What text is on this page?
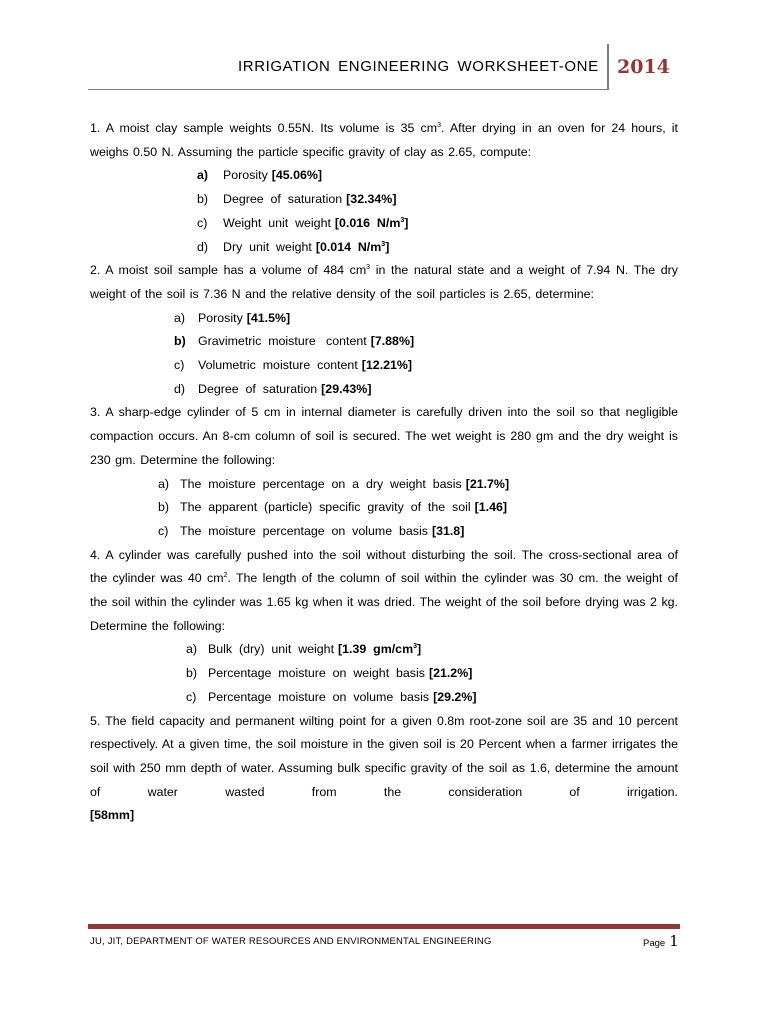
IRRIGATION ENGINEERING WORKSHEET-ONE 2014

1. A moist clay sample weights 0.55N. Its volume is 35 $cm^3$. After drying in an oven for 24 hours, it weighs 0.50 N. Assuming the particle specific gravity of clay as 2.65, compute:

a)	Porosity [45.06%]
b)	Degree  of  saturation [32.34%]
c)	Weight  unit  weight [0.016  $N/m^3$]
d)	Dry  unit  weight [0.014  $N/m^3$]

2. A moist soil sample has a volume of 484 $cm^3$ in the natural state and a weight of 7.94 N. The dry weight of the soil is 7.36 N and the relative density of the soil particles is 2.65, determine:

a)	Porosity [41.5%]
b) Gravimetric  moisture   content [7.88%]
c)	Volumetric  moisture  content [12.21%]
d)	Degree  of  saturation [29.43%]

3. A sharp-edge cylinder of 5 cm in internal diameter is carefully driven into the soil so that negligible compaction occurs. An 8-cm column of soil is secured. The wet weight is 280 gm and the dry weight is 230 gm. Determine the following:

a) The  moisture  percentage  on  a  dry  weight  basis [21.7%]
b) The  apparent  (particle)  specific  gravity  of  the  soil [1.46]
c) The  moisture  percentage  on  volume  basis [31.8]

4. A cylinder was carefully pushed into the soil without disturbing the soil. The cross-sectional area of the cylinder was 40 $cm^2$. The length of the column of soil within the cylinder was 30 cm. the weight of the soil within the cylinder was 1.65 kg when it was dried. The weight of the soil before drying was 2 kg. Determine the following:

a) Bulk  (dry)  unit  weight [1.39  $gm/cm^3$]
b) Percentage  moisture  on  weight  basis [21.2%]
c) Percentage  moisture  on  volume  basis [29.2%]

5. The field capacity and permanent wilting point for a given 0.8m root-zone soil are 35 and 10 percent respectively. At a given time, the soil moisture in the given soil is 20 Percent when a farmer irrigates the soil with 250 mm depth of water. Assuming bulk specific gravity of the soil as 1.6, determine the amount of water wasted from the consideration of irrigation.

[58mm]

JU, JIT, DEPARTMENT OF WATER RESOURCES AND ENVIRONMENTAL ENGINEERING	Page 1
